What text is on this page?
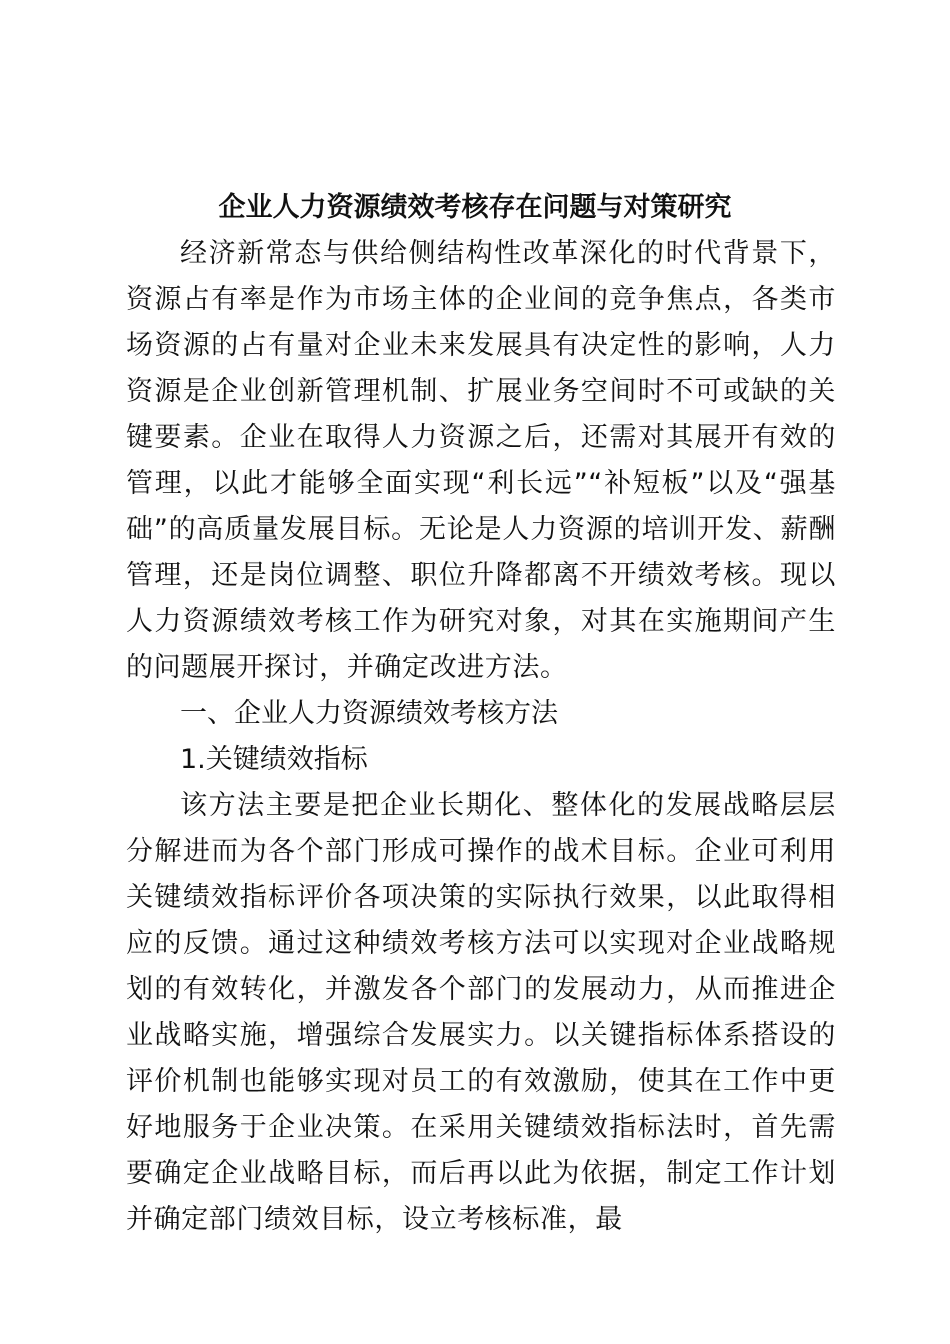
企业人力资源绩效考核存在问题与对策研究

经济新常态与供给侧结构性改革深化的时代背景下，资源占有率是作为市场主体的企业间的竞争焦点，各类市场资源的占有量对企业未来发展具有决定性的影响，人力资源是企业创新管理机制、扩展业务空间时不可或缺的关键要素。企业在取得人力资源之后，还需对其展开有效的管理，以此才能够全面实现“利长远”“补短板”以及“强基础”的高质量发展目标。无论是人力资源的培训开发、薪酬管理，还是岗位调整、职位升降都离不开绩效考核。现以人力资源绩效考核工作为研究对象，对其在实施期间产生的问题展开探讨，并确定改进方法。

一、企业人力资源绩效考核方法

1.关键绩效指标

该方法主要是把企业长期化、整体化的发展战略层层分解进而为各个部门形成可操作的战术目标。企业可利用关键绩效指标评价各项决策的实际执行效果，以此取得相应的反馈。通过这种绩效考核方法可以实现对企业战略规划的有效转化，并激发各个部门的发展动力，从而推进企业战略实施，增强综合发展实力。以关键指标体系搭设的评价机制也能够实现对员工的有效激励，使其在工作中更好地服务于企业决策。在采用关键绩效指标法时，首先需要确定企业战略目标，而后再以此为依据，制定工作计划并确定部门绩效目标，设立考核标准，最
